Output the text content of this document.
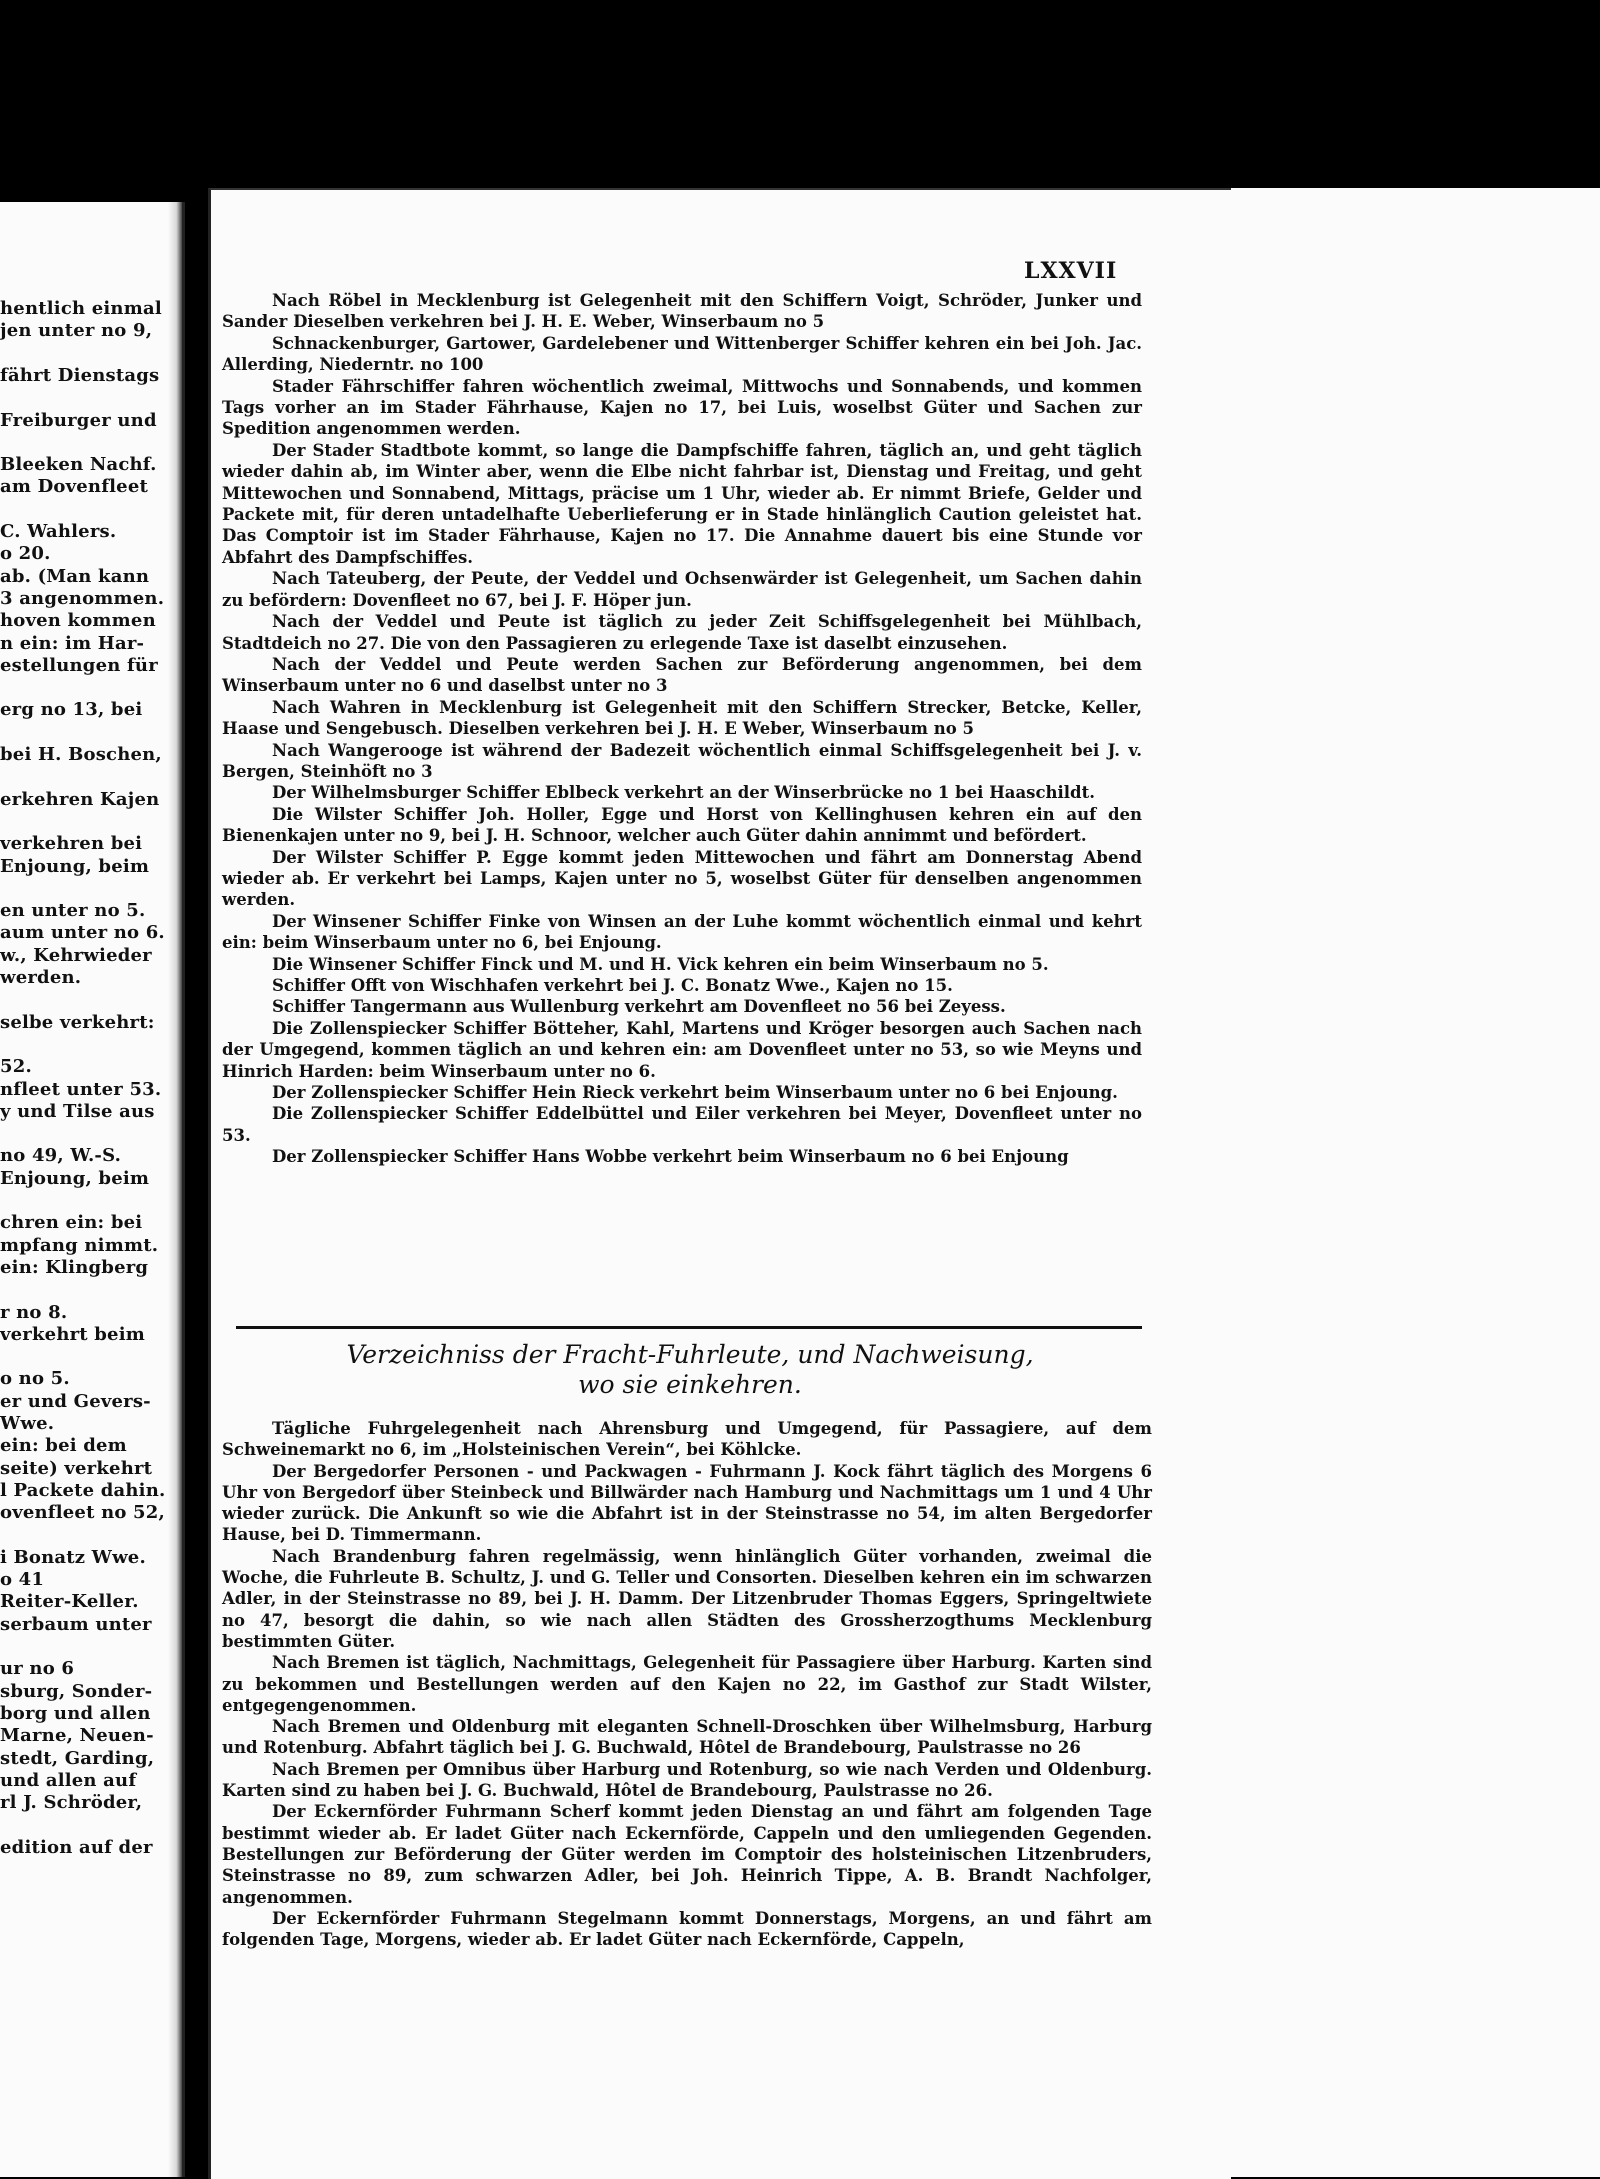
hentlich einmal
jen unter no 9,
fährt Dienstags
Freiburger und
Bleeken Nachf.
am Dovenfleet
C. Wahlers.
o 20.
ab. (Man kann
3 angenommen.
hoven kommen
n ein: im Har-
estellungen für
erg no 13, bei
bei H. Boschen,
erkehren Kajen
verkehren bei
Enjoung, beim
en unter no 5.
aum unter no 6.
w., Kehrwieder
werden.
selbe verkehrt:
52.
nfleet unter 53.
y und Tilse aus
no 49, W.-S.
Enjoung, beim
chren ein: bei
mpfang nimmt.
ein: Klingberg
r no 8.
verkehrt beim
o no 5.
er und Gevers-
Wwe.
ein: bei dem
seite) verkehrt
l Packete dahin.
ovenfleet no 52,
i Bonatz Wwe.
o 41
Reiter-Keller.
serbaum unter
ur no 6
sburg, Sonder-
borg und allen
Marne, Neuen-
stedt, Garding,
und allen auf
rl J. Schröder,
edition auf der
LXXVII

Nach Röbel in Mecklenburg ist Gelegenheit mit den Schiffern Voigt, Schröder, Junker und Sander Dieselben verkehren bei J. H. E. Weber, Winserbaum no 5

Schnackenburger, Gartower, Gardelebener und Wittenberger Schiffer kehren ein bei Joh. Jac. Allerding, Niederntr. no 100

Stader Fährschiffer fahren wöchentlich zweimal, Mittwochs und Sonnabends, und kommen Tags vorher an im Stader Fährhause, Kajen no 17, bei Luis, woselbst Güter und Sachen zur Spedition angenommen werden.

Der Stader Stadtbote kommt, so lange die Dampfschiffe fahren, täglich an, und geht täglich wieder dahin ab, im Winter aber, wenn die Elbe nicht fahrbar ist, Dienstag und Freitag, und geht Mittewochen und Sonnabend, Mittags, präcise um 1 Uhr, wieder ab. Er nimmt Briefe, Gelder und Packete mit, für deren untadelhafte Ueberlieferung er in Stade hinlänglich Caution geleistet hat. Das Comptoir ist im Stader Fährhause, Kajen no 17. Die Annahme dauert bis eine Stunde vor Abfahrt des Dampfschiffes.

Nach Tateuberg, der Peute, der Veddel und Ochsenwärder ist Gelegenheit, um Sachen dahin zu befördern: Dovenfleet no 67, bei J. F. Höper jun.

Nach der Veddel und Peute ist täglich zu jeder Zeit Schiffsgelegenheit bei Mühlbach, Stadtdeich no 27. Die von den Passagieren zu erlegende Taxe ist daselbt einzusehen.

Nach der Veddel und Peute werden Sachen zur Beförderung angenommen, bei dem Winserbaum unter no 6 und daselbst unter no 3

Nach Wahren in Mecklenburg ist Gelegenheit mit den Schiffern Strecker, Betcke, Keller, Haase und Sengebusch. Dieselben verkehren bei J. H. E Weber, Winserbaum no 5

Nach Wangerooge ist während der Badezeit wöchentlich einmal Schiffsgelegenheit bei J. v. Bergen, Steinhöft no 3

Der Wilhelmsburger Schiffer Eblbeck verkehrt an der Winserbrücke no 1 bei Haaschildt.

Die Wilster Schiffer Joh. Holler, Egge und Horst von Kellinghusen kehren ein auf den Bienenkajen unter no 9, bei J. H. Schnoor, welcher auch Güter dahin annimmt und befördert.

Der Wilster Schiffer P. Egge kommt jeden Mittewochen und fährt am Donnerstag Abend wieder ab. Er verkehrt bei Lamps, Kajen unter no 5, woselbst Güter für denselben angenommen werden.

Der Winsener Schiffer Finke von Winsen an der Luhe kommt wöchentlich einmal und kehrt ein: beim Winserbaum unter no 6, bei Enjoung.

Die Winsener Schiffer Finck und M. und H. Vick kehren ein beim Winserbaum no 5.

Schiffer Offt von Wischhafen verkehrt bei J. C. Bonatz Wwe., Kajen no 15.

Schiffer Tangermann aus Wullenburg verkehrt am Dovenfleet no 56 bei Zeyess.

Die Zollenspiecker Schiffer Bötteher, Kahl, Martens und Kröger besorgen auch Sachen nach der Umgegend, kommen täglich an und kehren ein: am Dovenfleet unter no 53, so wie Meyns und Hinrich Harden: beim Winserbaum unter no 6.

Der Zollenspiecker Schiffer Hein Rieck verkehrt beim Winserbaum unter no 6 bei Enjoung.

Die Zollenspiecker Schiffer Eddelbüttel und Eiler verkehren bei Meyer, Dovenfleet unter no 53.

Der Zollenspiecker Schiffer Hans Wobbe verkehrt beim Winserbaum no 6 bei Enjoung

Verzeichniss der Fracht-Fuhrleute, und Nachweisung,
wo sie einkehren.

Tägliche Fuhrgelegenheit nach Ahrensburg und Umgegend, für Passagiere, auf dem Schweinemarkt no 6, im „Holsteinischen Verein“, bei Köhlcke.

Der Bergedorfer Personen - und Packwagen - Fuhrmann J. Kock fährt täglich des Morgens 6 Uhr von Bergedorf über Steinbeck und Billwärder nach Hamburg und Nachmittags um 1 und 4 Uhr wieder zurück. Die Ankunft so wie die Abfahrt ist in der Steinstrasse no 54, im alten Bergedorfer Hause, bei D. Timmermann.

Nach Brandenburg fahren regelmässig, wenn hinlänglich Güter vorhanden, zweimal die Woche, die Fuhrleute B. Schultz, J. und G. Teller und Consorten. Dieselben kehren ein im schwarzen Adler, in der Steinstrasse no 89, bei J. H. Damm. Der Litzenbruder Thomas Eggers, Springeltwiete no 47, besorgt die dahin, so wie nach allen Städten des Grossherzogthums Mecklenburg bestimmten Güter.

Nach Bremen ist täglich, Nachmittags, Gelegenheit für Passagiere über Harburg. Karten sind zu bekommen und Bestellungen werden auf den Kajen no 22, im Gasthof zur Stadt Wilster, entgegengenommen.

Nach Bremen und Oldenburg mit eleganten Schnell-Droschken über Wilhelmsburg, Harburg und Rotenburg. Abfahrt täglich bei J. G. Buchwald, Hôtel de Brandebourg, Paulstrasse no 26

Nach Bremen per Omnibus über Harburg und Rotenburg, so wie nach Verden und Oldenburg. Karten sind zu haben bei J. G. Buchwald, Hôtel de Brandebourg, Paulstrasse no 26.

Der Eckernförder Fuhrmann Scherf kommt jeden Dienstag an und fährt am folgenden Tage bestimmt wieder ab. Er ladet Güter nach Eckernförde, Cappeln und den umliegenden Gegenden. Bestellungen zur Beförderung der Güter werden im Comptoir des holsteinischen Litzenbruders, Steinstrasse no 89, zum schwarzen Adler, bei Joh. Heinrich Tippe, A. B. Brandt Nachfolger, angenommen.

Der Eckernförder Fuhrmann Stegelmann kommt Donnerstags, Morgens, an und fährt am folgenden Tage, Morgens, wieder ab. Er ladet Güter nach Eckernförde, Cappeln,
